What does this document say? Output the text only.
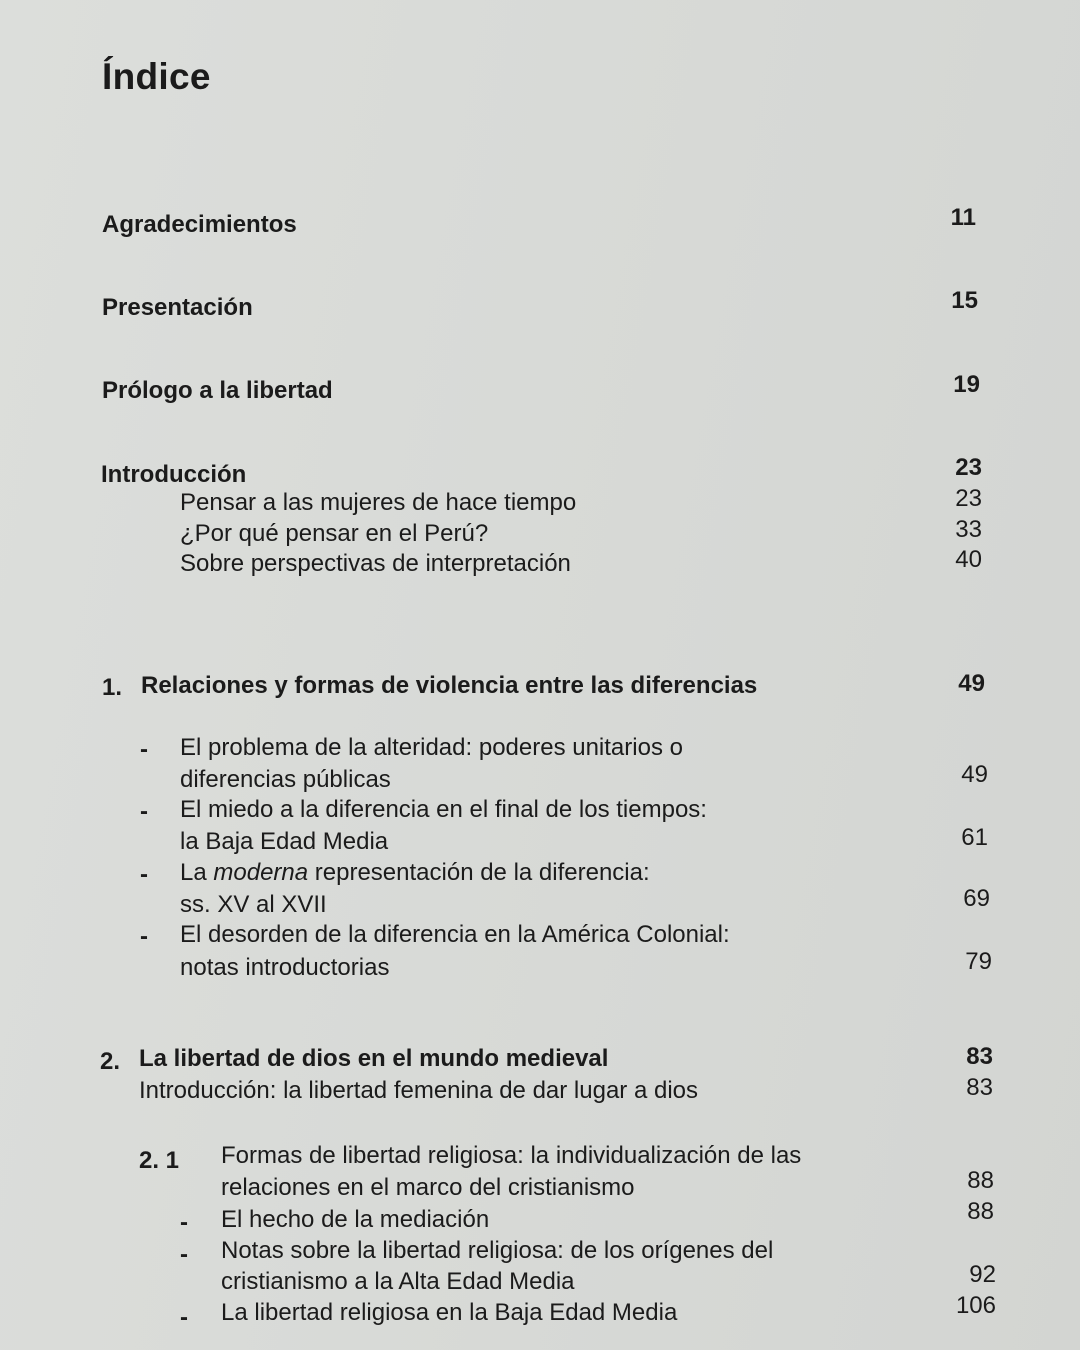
Índice
Agradecimientos	11
Presentación	15
Prólogo a la libertad	19
Introducción	23
Pensar a las mujeres de hace tiempo	23
¿Por qué pensar en el Perú?	33
Sobre perspectivas de interpretación	40
1. Relaciones y formas de violencia entre las diferencias	49
- El problema de la alteridad: poderes unitarios o
diferencias públicas	49
- El miedo a la diferencia en el final de los tiempos:
la Baja Edad Media	61
- La moderna representación de la diferencia:
ss. XV al XVII	69
- El desorden de la diferencia en la América Colonial:
notas introductorias	79
2. La libertad de dios en el mundo medieval	83
Introducción: la libertad femenina de dar lugar a dios	83
2. 1 Formas de libertad religiosa: la individualización de las
relaciones en el marco del cristianismo	88
- El hecho de la mediación	88
- Notas sobre la libertad religiosa: de los orígenes del
cristianismo a la Alta Edad Media	92
- La libertad religiosa en la Baja Edad Media	106
